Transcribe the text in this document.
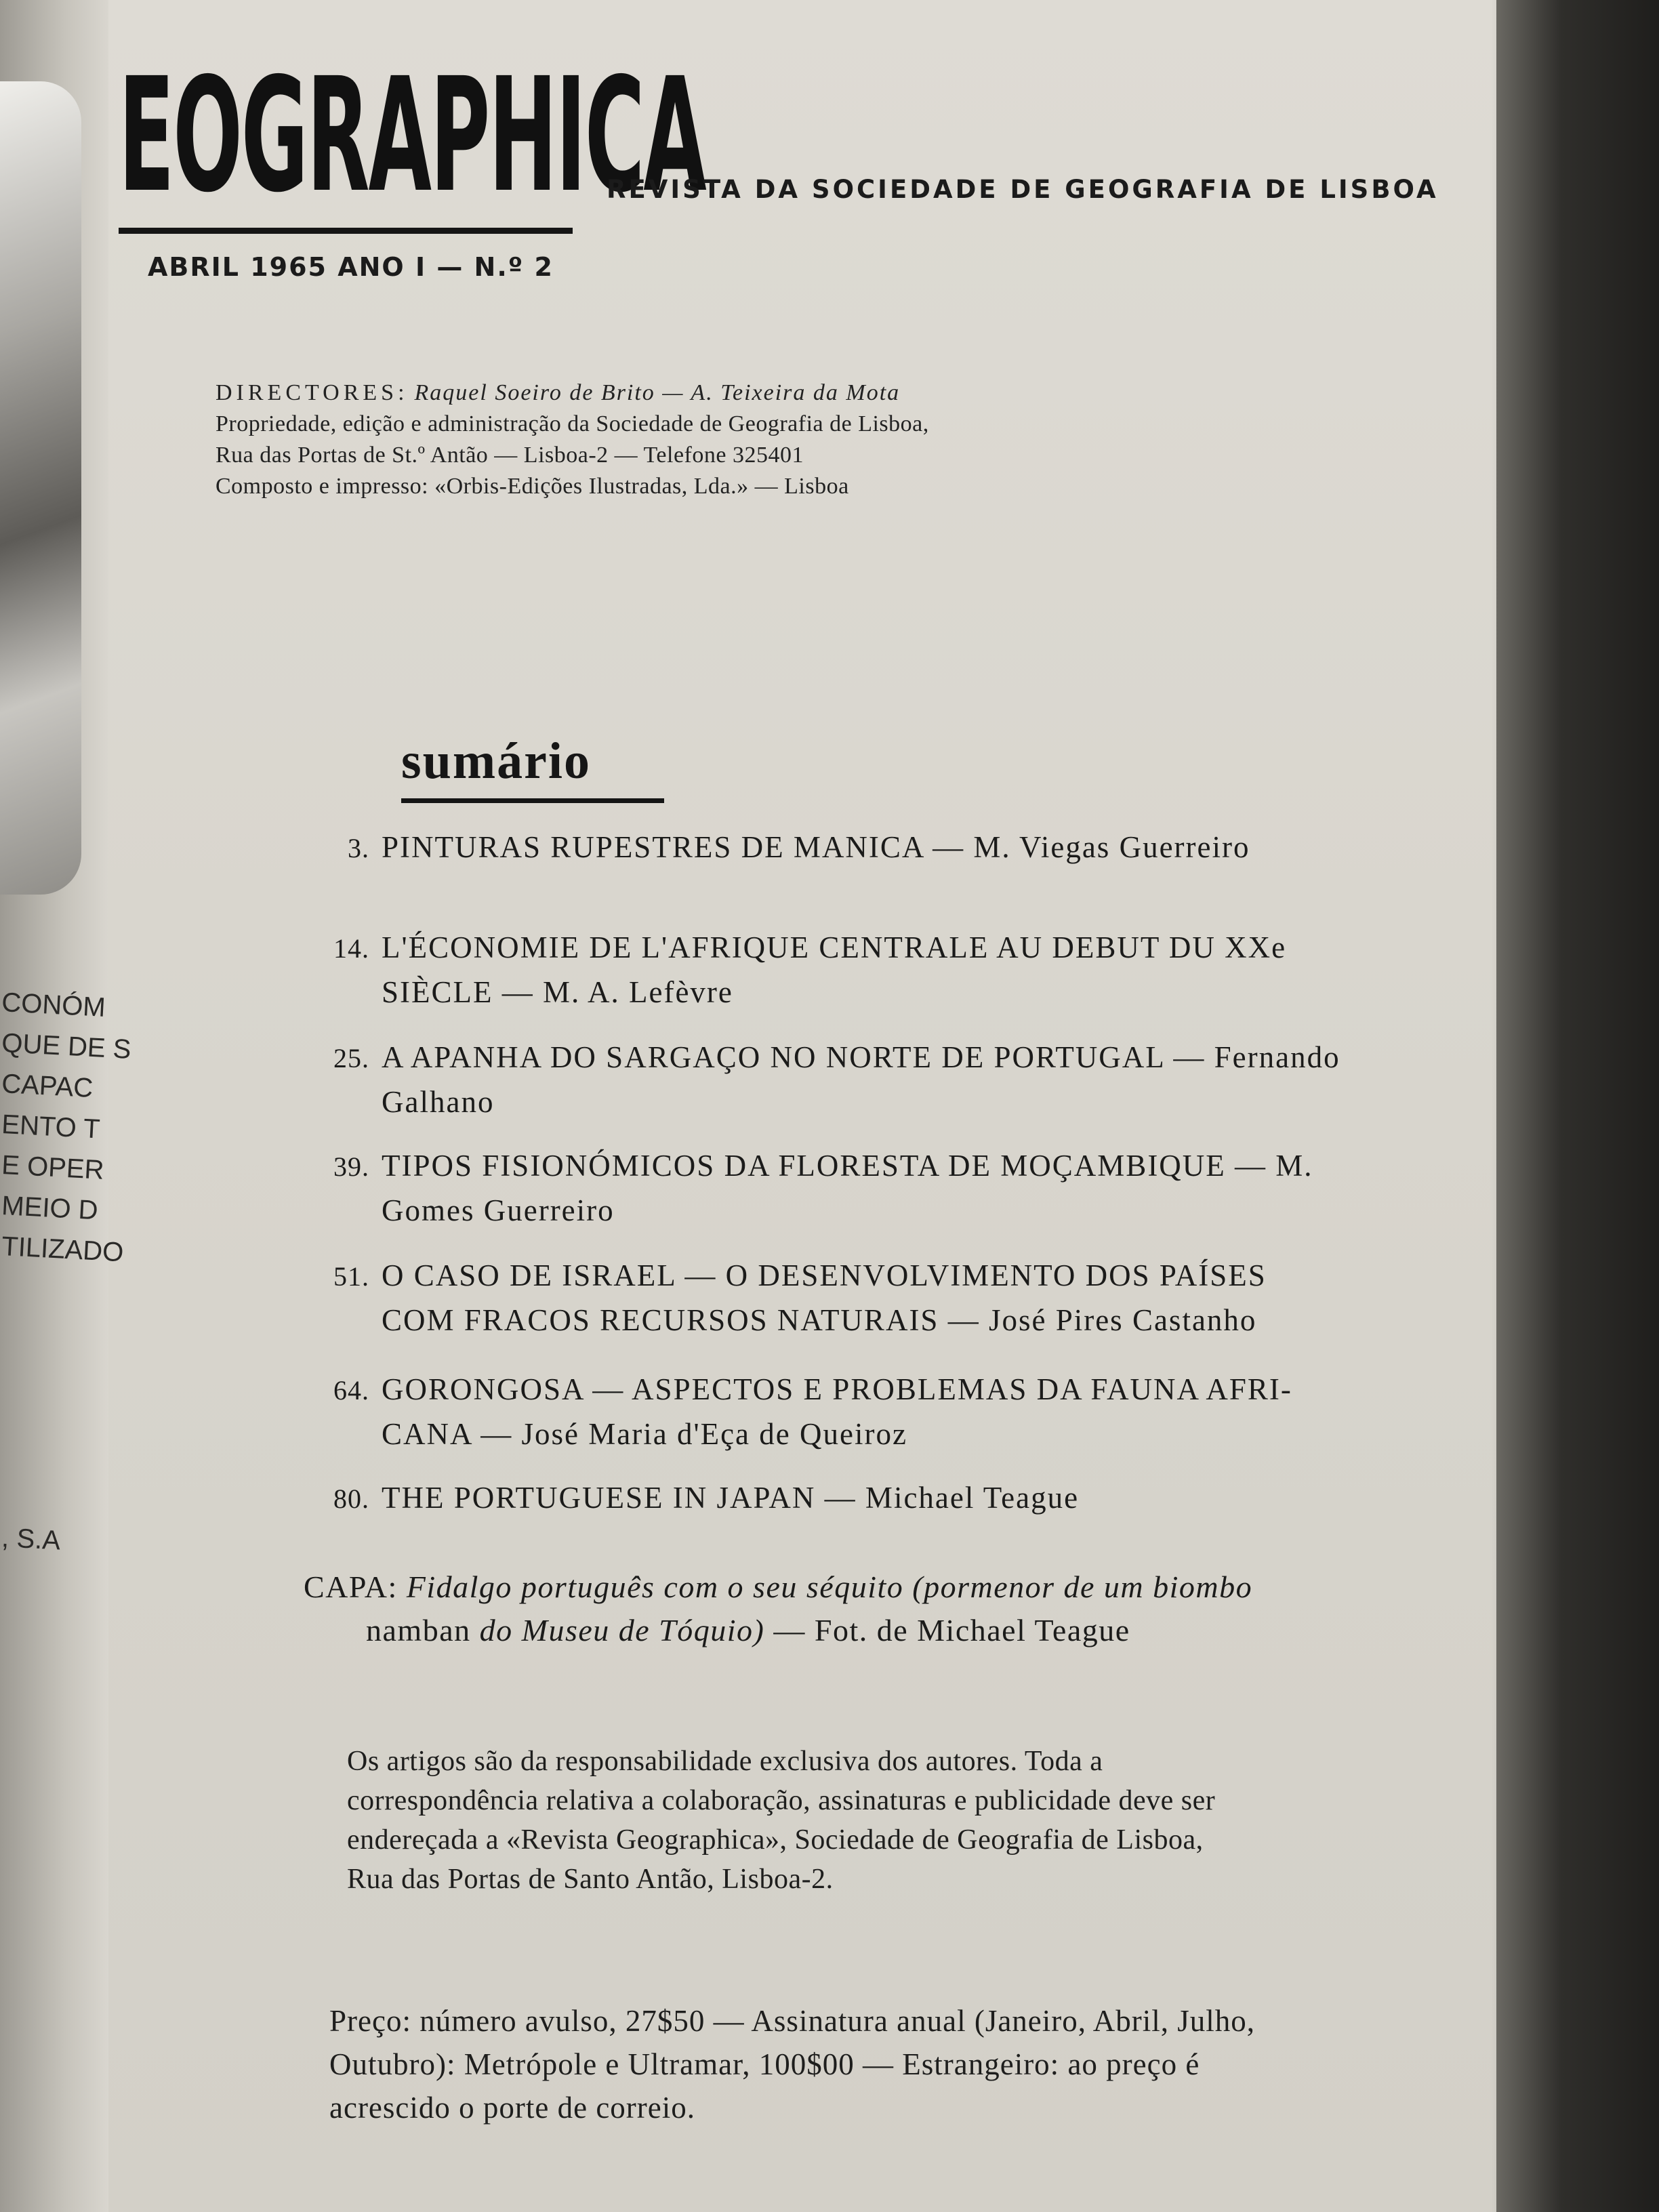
CONÓM
QUE DE S
CAPAC
ENTO T
E OPER
MEIO D
TILIZADO
, S.A
EOGRAPHICA
REVISTA DA SOCIEDADE DE GEOGRAFIA DE LISBOA
ABRIL 1965 ANO I — N.º 2
DIRECTORES: Raquel Soeiro de Brito — A. Teixeira da Mota
Propriedade, edição e administração da Sociedade de Geografia de Lisboa,
Rua das Portas de St.º Antão — Lisboa-2 — Telefone 325401
Composto e impresso: «Orbis-Edições Ilustradas, Lda.» — Lisboa
sumário
3. PINTURAS RUPESTRES DE MANICA — M. Viegas Guerreiro
14. L'ÉCONOMIE DE L'AFRIQUE CENTRALE AU DEBUT DU XXe
SIÈCLE — M. A. Lefèvre
25. A APANHA DO SARGAÇO NO NORTE DE PORTUGAL — Fernando
Galhano
39. TIPOS FISIONÓMICOS DA FLORESTA DE MOÇAMBIQUE — M.
Gomes Guerreiro
51. O CASO DE ISRAEL — O DESENVOLVIMENTO DOS PAÍSES
COM FRACOS RECURSOS NATURAIS — José Pires Castanho
64. GORONGOSA — ASPECTOS E PROBLEMAS DA FAUNA AFRI-
CANA — José Maria d'Eça de Queiroz
80. THE PORTUGUESE IN JAPAN — Michael Teague
CAPA: Fidalgo português com o seu séquito (pormenor de um biombo
namban do Museu de Tóquio) — Fot. de Michael Teague
Os artigos são da responsabilidade exclusiva dos autores. Toda a
correspondência relativa a colaboração, assinaturas e publicidade deve ser
endereçada a «Revista Geographica», Sociedade de Geografia de Lisboa,
Rua das Portas de Santo Antão, Lisboa-2.
Preço: número avulso, 27$50 — Assinatura anual (Janeiro, Abril, Julho,
Outubro): Metrópole e Ultramar, 100$00 — Estrangeiro: ao preço é
acrescido o porte de correio.
